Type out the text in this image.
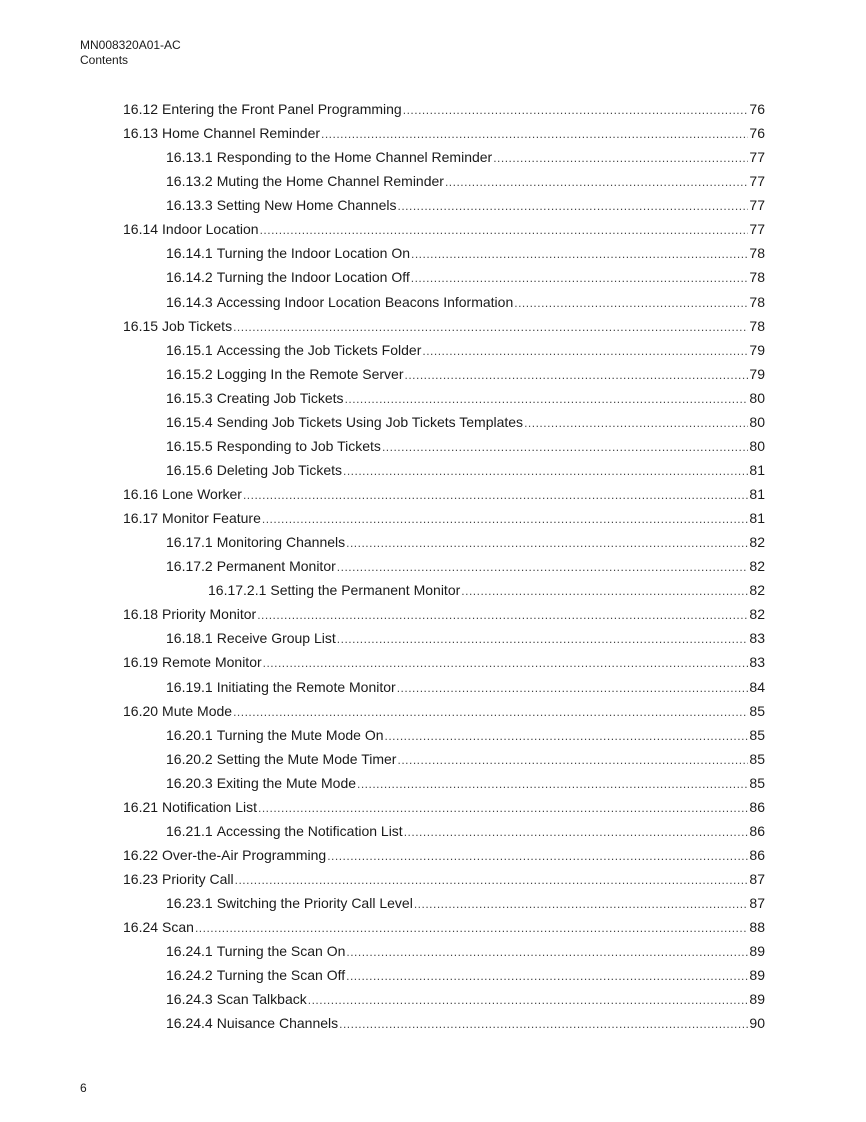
MN008320A01-AC
Contents
16.12 Entering the Front Panel Programming .....	76
16.13 Home Channel Reminder .....	76
16.13.1 Responding to the Home Channel Reminder .....	77
16.13.2 Muting the Home Channel Reminder .....	77
16.13.3 Setting New Home Channels .....	77
16.14 Indoor Location .....	77
16.14.1 Turning the Indoor Location On .....	78
16.14.2 Turning the Indoor Location Off .....	78
16.14.3 Accessing Indoor Location Beacons Information .....	78
16.15 Job Tickets .....	78
16.15.1 Accessing the Job Tickets Folder .....	79
16.15.2 Logging In the Remote Server .....	79
16.15.3 Creating Job Tickets .....	80
16.15.4 Sending Job Tickets Using Job Tickets Templates .....	80
16.15.5 Responding to Job Tickets .....	80
16.15.6 Deleting Job Tickets .....	81
16.16 Lone Worker .....	81
16.17 Monitor Feature .....	81
16.17.1 Monitoring Channels .....	82
16.17.2 Permanent Monitor .....	82
16.17.2.1 Setting the Permanent Monitor .....	82
16.18 Priority Monitor .....	82
16.18.1 Receive Group List .....	83
16.19 Remote Monitor .....	83
16.19.1 Initiating the Remote Monitor .....	84
16.20 Mute Mode .....	85
16.20.1 Turning the Mute Mode On .....	85
16.20.2 Setting the Mute Mode Timer .....	85
16.20.3 Exiting the Mute Mode .....	85
16.21 Notification List .....	86
16.21.1 Accessing the Notification List .....	86
16.22 Over-the-Air Programming .....	86
16.23 Priority Call .....	87
16.23.1 Switching the Priority Call Level .....	87
16.24 Scan .....	88
16.24.1 Turning the Scan On .....	89
16.24.2 Turning the Scan Off .....	89
16.24.3 Scan Talkback .....	89
16.24.4 Nuisance Channels .....	90
6
